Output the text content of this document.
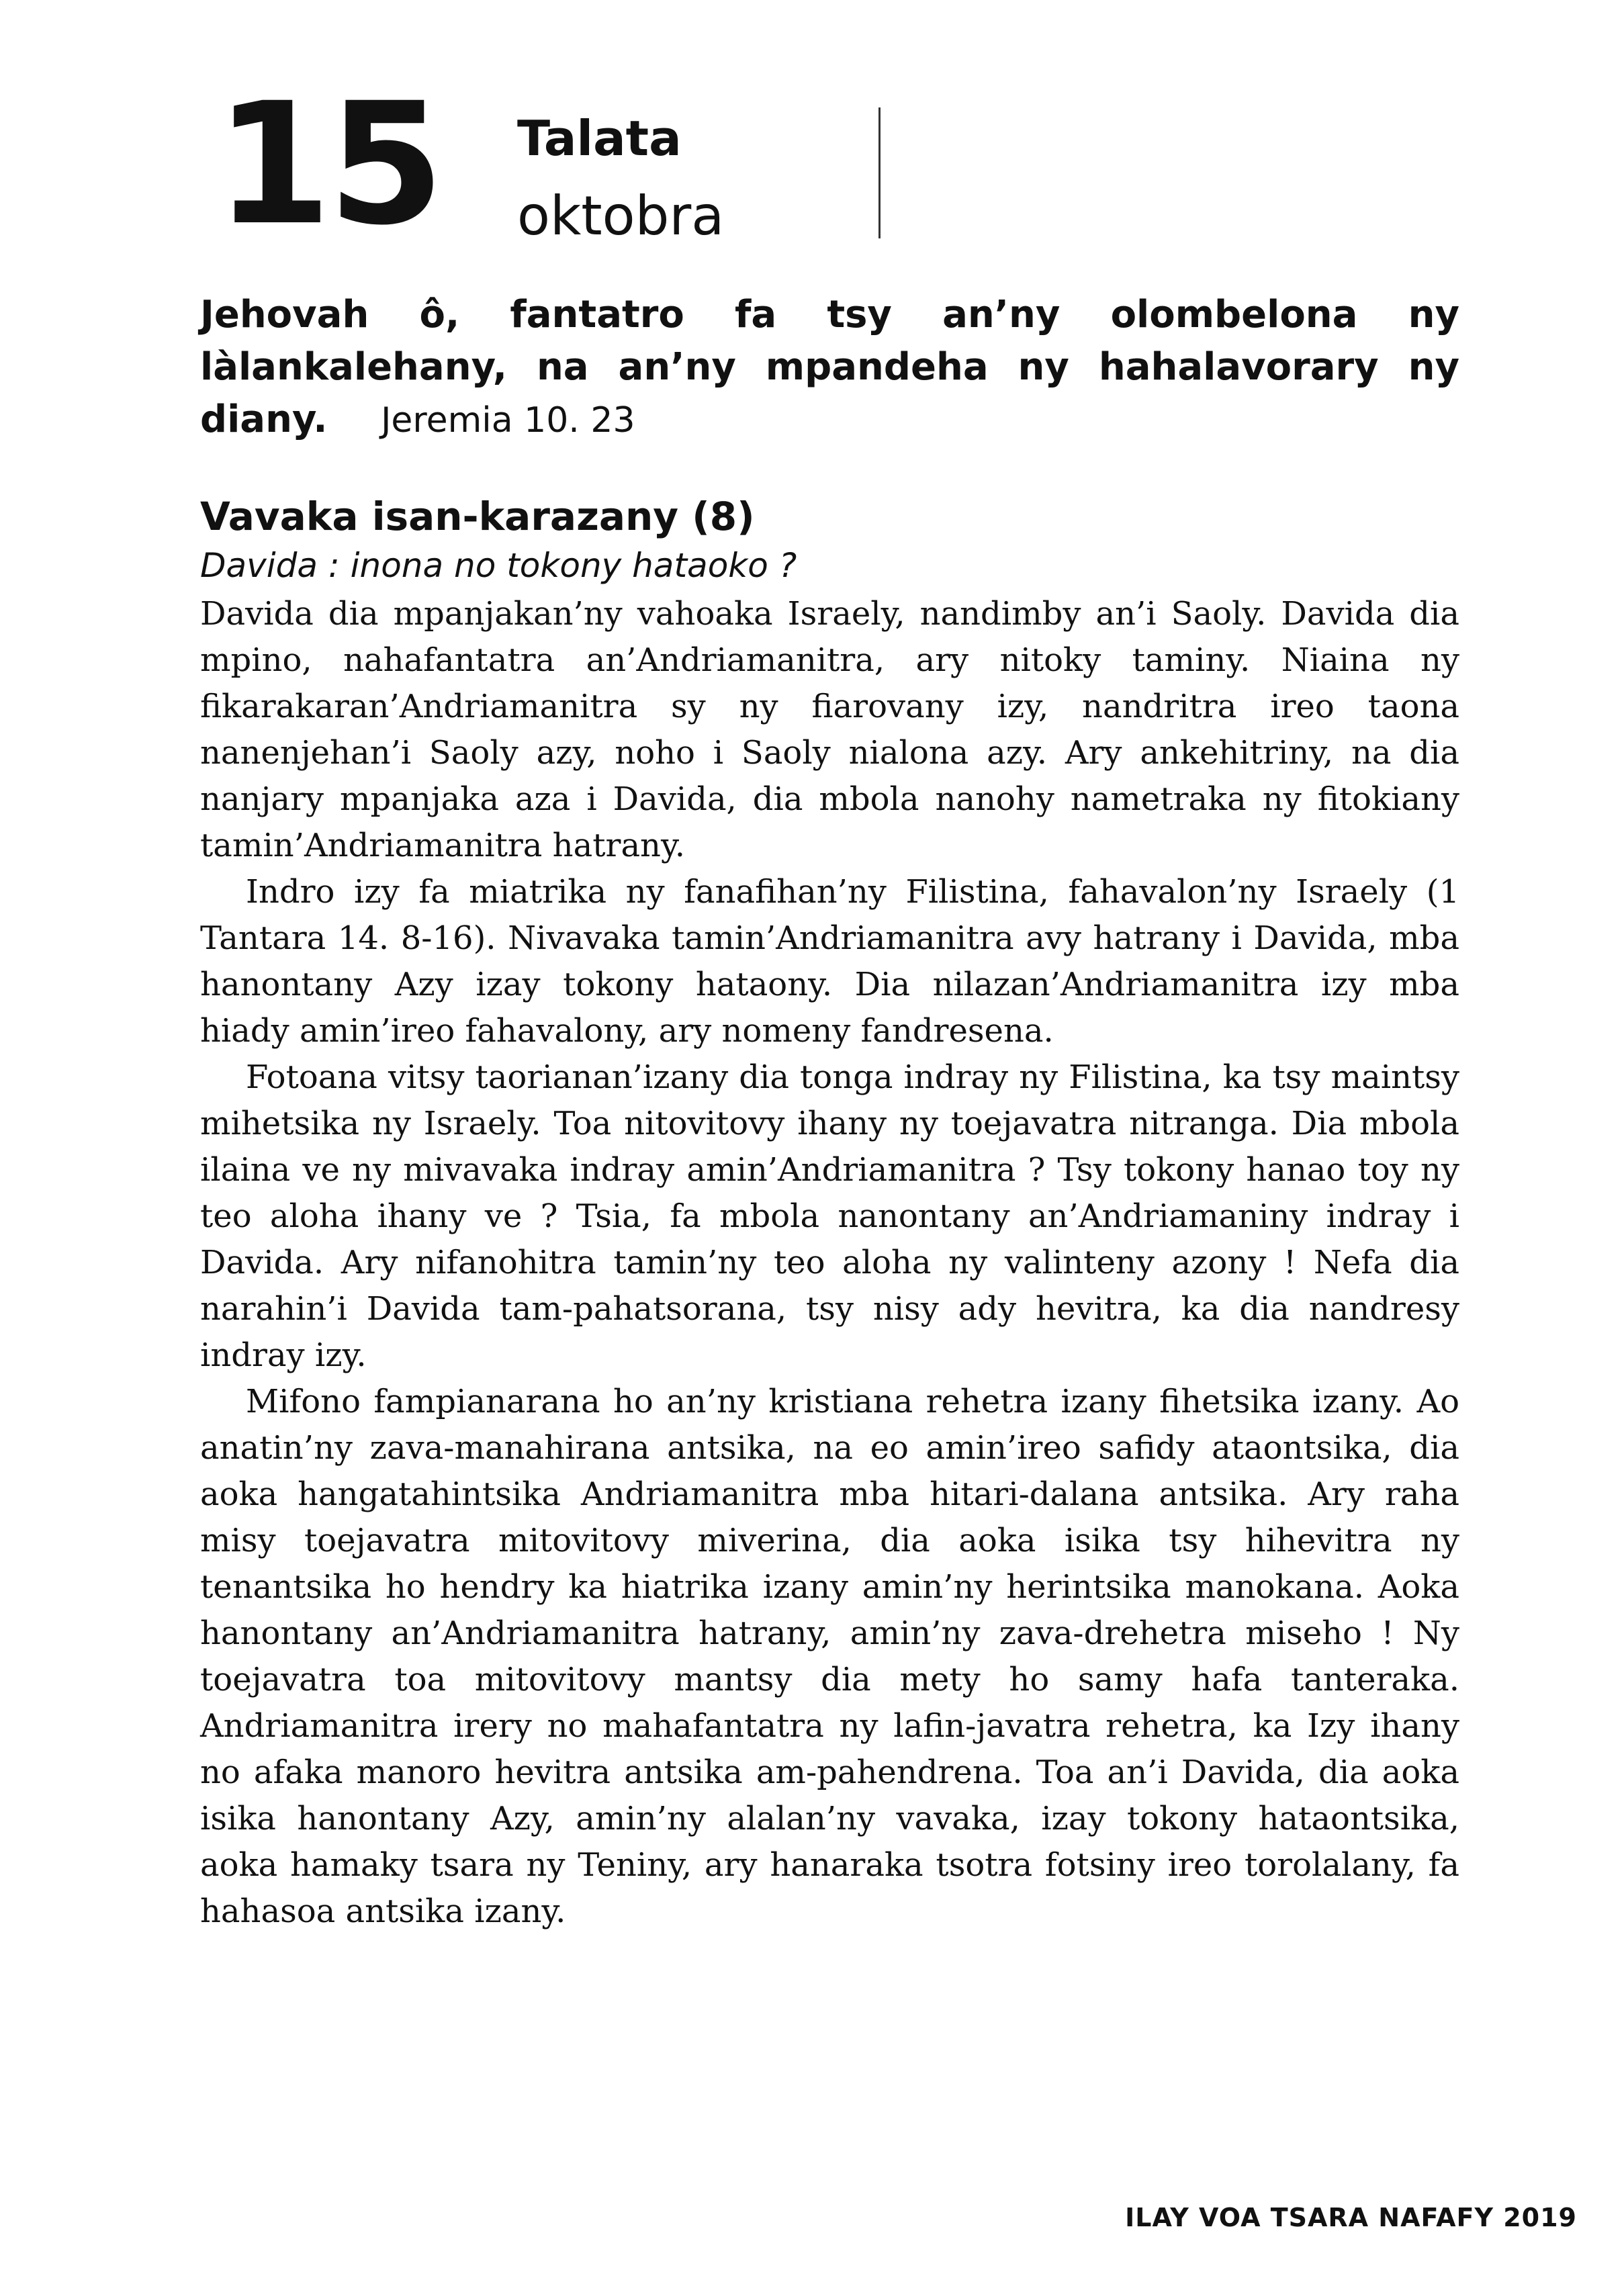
15 Talata
oktobra
Jehovah ô, fantatro fa tsy an’ny olombelona ny làlankalehany, na an’ny mpandeha ny hahalavorary ny diany. Jeremia 10. 23
Vavaka isan-karazany (8)
Davida : inona no tokony hataoko ?

Davida dia mpanjakan’ny vahoaka Israely, nandimby an’i Saoly. Davida dia mpino, nahafantatra an’Andriamanitra, ary nitoky taminy. Niaina ny fikarakaran’Andriamanitra sy ny fiarovany izy, nandritra ireo taona nanenjehan’i Saoly azy, noho i Saoly nialona azy. Ary ankehitriny, na dia nanjary mpanjaka aza i Davida, dia mbola nanohy nametraka ny fitokiany tamin’Andriamanitra hatrany.

Indro izy fa miatrika ny fanafihan’ny Filistina, fahavalon’ny Israely (1 Tantara 14. 8-16). Nivavaka tamin’Andriamanitra avy hatrany i Davida, mba hanontany Azy izay tokony hataony. Dia nilazan’Andriamanitra izy mba hiady amin’ireo fahavalony, ary nomeny fandresena.

Fotoana vitsy taorianan’izany dia tonga indray ny Filistina, ka tsy maintsy mihetsika ny Israely. Toa nitovitovy ihany ny toejavatra nitranga. Dia mbola ilaina ve ny mivavaka indray amin’Andriamanitra ? Tsy tokony hanao toy ny teo aloha ihany ve ? Tsia, fa mbola nanontany an’Andriamaniny indray i Davida. Ary nifanohitra tamin’ny teo aloha ny valinteny azony ! Nefa dia narahin’i Davida tam-pahatsorana, tsy nisy ady hevitra, ka dia nandresy indray izy.

Mifono fampianarana ho an’ny kristiana rehetra izany fihetsika izany. Ao anatin’ny zava-manahirana antsika, na eo amin’ireo safidy ataontsika, dia aoka hangatahintsika Andriamanitra mba hitari-dalana antsika. Ary raha misy toejavatra mitovitovy miverina, dia aoka isika tsy hihevitra ny tenantsika ho hendry ka hiatrika izany amin’ny herintsika manokana. Aoka hanontany an’Andriamanitra hatrany, amin’ny zava-drehetra miseho ! Ny toejavatra toa mitovitovy mantsy dia mety ho samy hafa tanteraka. Andriamanitra irery no mahafantatra ny lafin-javatra rehetra, ka Izy ihany no afaka manoro hevitra antsika am-pahendrena. Toa an’i Davida, dia aoka isika hanontany Azy, amin’ny alalan’ny vavaka, izay tokony hataontsika, aoka hamaky tsara ny Teniny, ary hanaraka tsotra fotsiny ireo torolalany, fa hahasoa antsika izany.

ILAY VOA TSARA NAFAFY 2019
